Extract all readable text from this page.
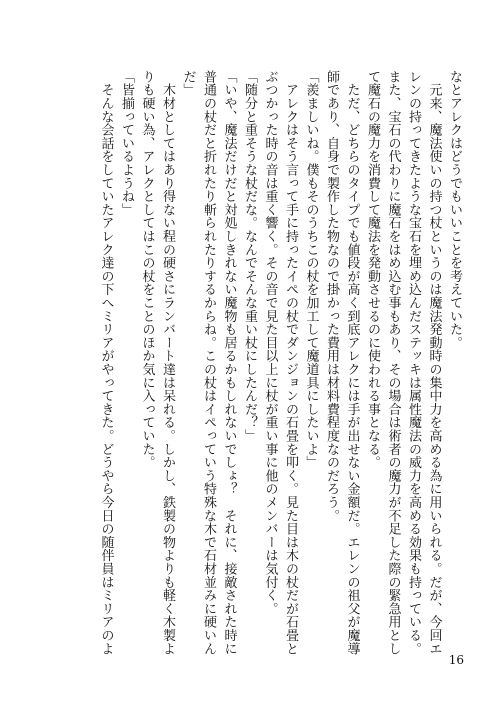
なとアレクはどうでもいいことを考えていた。

　元来、魔法使いの持つ杖というのは魔法発動時の集中力を高める為に用いられる。だが、今回エ

レンの持ってきたような宝石を埋め込んだステッキは属性魔法の威力を高める効果も持っている。

また、宝石の代わりに魔石をはめ込む事もあり、その場合は術者の魔力が不足した際の緊急用とし

て魔石の魔力を消費して魔法を発動させるのに使われる事となる。

　ただ、どちらのタイプでも値段が高く到底アレクには手が出せない金額だ。エレンの祖父が魔導

師であり、自身で製作した物なので掛かった費用は材料費程度なのだろう。

「羨ましいね。僕もそのうちこの杖を加工して魔道具にしたいよ」

　アレクはそう言って手に持ったイペの杖でダンジョンの石畳を叩く。見た目は木の杖だが石畳と

ぶつかった時の音は重く響く。その音で見た目以上に杖が重い事に他のメンバーは気付く。

「随分と重そうな杖だな。なんでそんな重い杖にしたんだ？」

「いや、魔法だけだと対処しきれない魔物も居るかもしれないでしょ？　それに、接敵された時に

普通の杖だと折れたり斬られたりするからね。この杖はイペっていう特殊な木で石材並みに硬いん

だ」

　木材としてはあり得ない程の硬さにランバート達は呆れる。しかし、鉄製の物よりも軽く木製よ

りも硬い為、アレクとしてはこの杖をことのほか気に入っていた。

「皆揃っているようね」

　そんな会話をしていたアレク達の下へミリアがやってきた。どうやら今日の随伴員はミリアのよ

16
